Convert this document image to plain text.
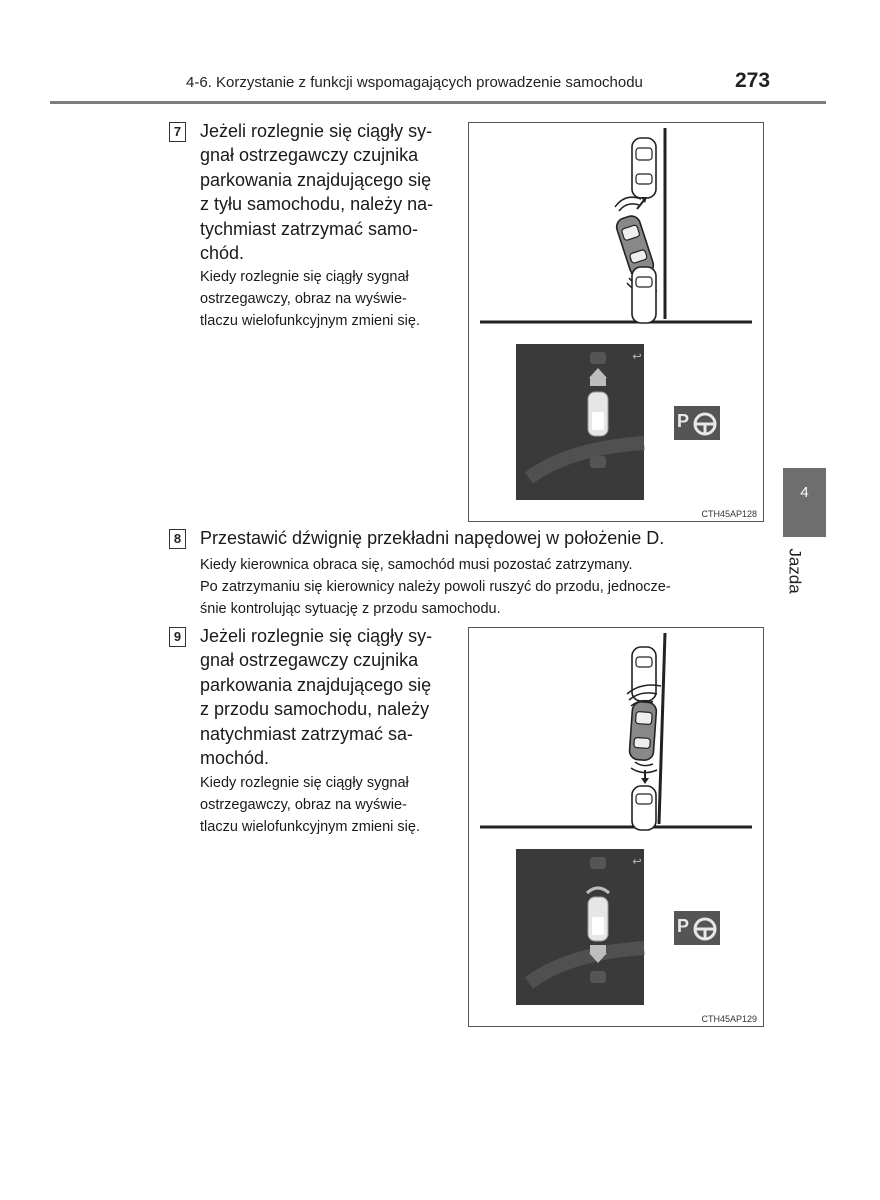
4-6. Korzystanie z funkcji wspomagających prowadzenie samochodu	273
4
Jazda
7 Jeżeli rozlegnie się ciągły sy-
gnał ostrzegawczy czujnika
parkowania znajdującego się
z tyłu samochodu, należy na-
tychmiast zatrzymać samo-
chód.
Kiedy rozlegnie się ciągły sygnał
ostrzegawczy, obraz na wyświe-
tlaczu wielofunkcyjnym zmieni się.
↩
P
CTH45AP128
8 Przestawić dźwignię przekładni napędowej w położenie D.
Kiedy kierownica obraca się, samochód musi pozostać zatrzymany.
Po zatrzymaniu się kierownicy należy powoli ruszyć do przodu, jednocze-
śnie kontrolując sytuację z przodu samochodu.
9 Jeżeli rozlegnie się ciągły sy-
gnał ostrzegawczy czujnika
parkowania znajdującego się
z przodu samochodu, należy
natychmiast zatrzymać sa-
mochód.
Kiedy rozlegnie się ciągły sygnał
ostrzegawczy, obraz na wyświe-
tlaczu wielofunkcyjnym zmieni się.
↩
P
CTH45AP129
